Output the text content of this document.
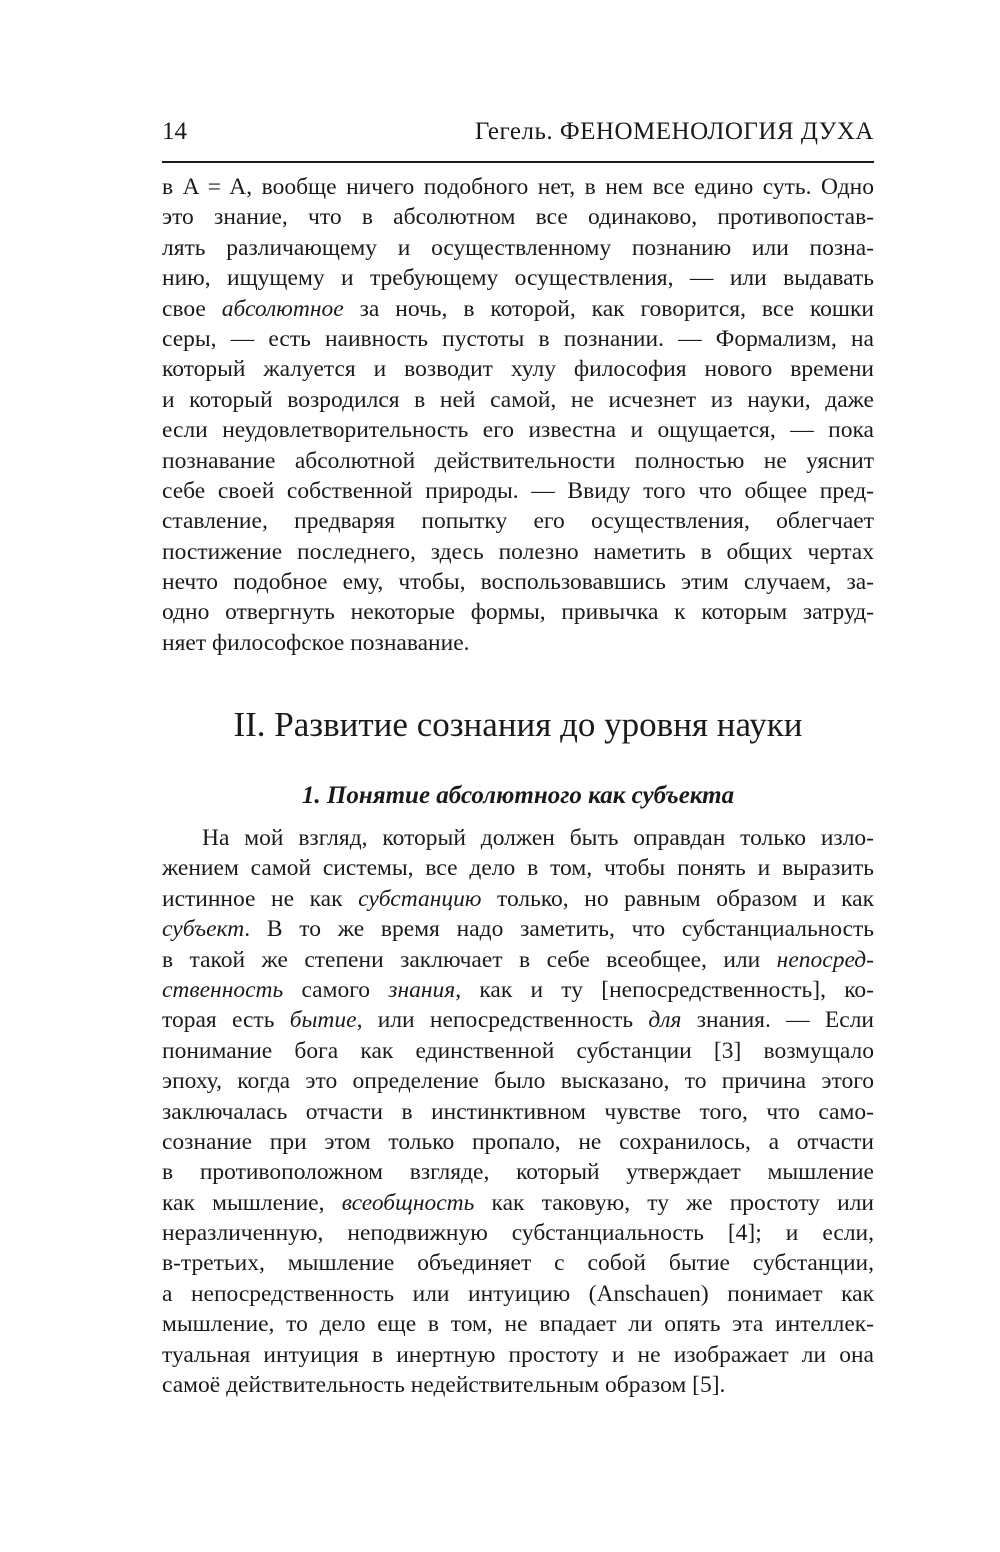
14	Гегель. ФЕНОМЕНОЛОГИЯ ДУХА
в A = A, вообще ничего подобного нет, в нем все едино суть. Одно
это знание, что в абсолютном все одинаково, противопостав-
лять различающему и осуществленному познанию или позна-
нию, ищущему и требующему осуществления, — или выдавать
свое абсолютное за ночь, в которой, как говорится, все кошки
серы, — есть наивность пустоты в познании. — Формализм, на
который жалуется и возводит хулу философия нового времени
и который возродился в ней самой, не исчезнет из науки, даже
если неудовлетворительность его известна и ощущается, — пока
познавание абсолютной действительности полностью не уяснит
себе своей собственной природы. — Ввиду того что общее пред-
ставление, предваряя попытку его осуществления, облегчает
постижение последнего, здесь полезно наметить в общих чертах
нечто подобное ему, чтобы, воспользовавшись этим случаем, за-
одно отвергнуть некоторые формы, привычка к которым затруд-
няет философское познавание.
II. Развитие сознания до уровня науки
1. Понятие абсолютного как субъекта
На мой взгляд, который должен быть оправдан только изло-
жением самой системы, все дело в том, чтобы понять и выразить
истинное не как субстанцию только, но равным образом и как
субъект. В то же время надо заметить, что субстанциальность
в такой же степени заключает в себе всеобщее, или непосред-
ственность самого знания, как и ту [непосредственность], ко-
торая есть бытие, или непосредственность для знания. — Если
понимание бога как единственной субстанции [3] возмущало
эпоху, когда это определение было высказано, то причина этого
заключалась отчасти в инстинктивном чувстве того, что само-
сознание при этом только пропало, не сохранилось, а отчасти
в противоположном взгляде, который утверждает мышление
как мышление, всеобщность как таковую, ту же простоту или
неразличенную, неподвижную субстанциальность [4]; и если,
в-третьих, мышление объединяет с собой бытие субстанции,
а непосредственность или интуицию (Anschauen) понимает как
мышление, то дело еще в том, не впадает ли опять эта интеллек-
туальная интуиция в инертную простоту и не изображает ли она
самоё действительность недействительным образом [5].
